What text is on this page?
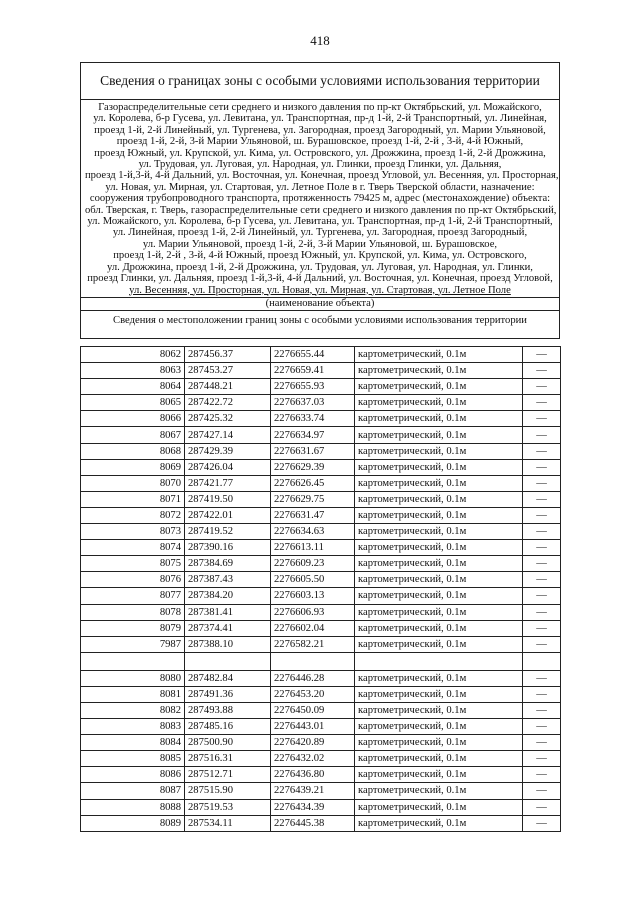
418
Сведения о границах зоны с особыми условиями использования территории
Газораспределительные сети среднего и низкого давления по пр-кт Октябрьский, ул. Можайского,
ул. Королева, б-р Гусева, ул. Левитана, ул. Транспортная, пр-д 1-й, 2-й Транспортный, ул. Линейная,
проезд 1-й, 2-й Линейный, ул. Тургенева, ул. Загородная, проезд Загородный, ул. Марии Ульяновой,
проезд 1-й, 2-й, 3-й Марии Ульяновой, ш. Бурашовское, проезд 1-й, 2-й , 3-й, 4-й Южный,
проезд Южный, ул. Крупской, ул. Кима, ул. Островского, ул. Дрожжина, проезд 1-й, 2-й Дрожжина,
ул. Трудовая, ул. Луговая, ул. Народная, ул. Глинки, проезд Глинки, ул. Дальняя,
проезд 1-й,3-й, 4-й Дальний, ул. Восточная, ул. Конечная, проезд Угловой, ул. Весенняя, ул. Просторная,
ул. Новая, ул. Мирная, ул. Стартовая, ул. Летное Поле в г. Тверь Тверской области, назначение:
сооружения трубопроводного транспорта, протяженность 79425 м, адрес (местонахождение) объекта:
обл. Тверская, г. Тверь, газораспределительные сети среднего и низкого давления по пр-кт Октябрьский,
ул. Можайского, ул. Королева, б-р Гусева, ул. Левитана, ул. Транспортная, пр-д 1-й, 2-й Транспортный,
ул. Линейная, проезд 1-й, 2-й Линейный, ул. Тургенева, ул. Загородная, проезд Загородный,
ул. Марии Ульяновой, проезд 1-й, 2-й, 3-й Марии Ульяновой, ш. Бурашовское,
проезд 1-й, 2-й , 3-й, 4-й Южный, проезд Южный, ул. Крупской, ул. Кима, ул. Островского,
ул. Дрожжина, проезд 1-й, 2-й Дрожжина, ул. Трудовая, ул. Луговая, ул. Народная, ул. Глинки,
проезд Глинки, ул. Дальняя, проезд 1-й,3-й, 4-й Дальний, ул. Восточная, ул. Конечная, проезд Угловой,
ул. Весенняя, ул. Просторная, ул. Новая, ул. Мирная, ул. Стартовая, ул. Летное Поле
(наименование объекта)
Сведения о местоположении границ зоны с особыми условиями использования территории
8062	287456.37	2276655.44	картометрический, 0.1м	—
8063	287453.27	2276659.41	картометрический, 0.1м	—
8064	287448.21	2276655.93	картометрический, 0.1м	—
8065	287422.72	2276637.03	картометрический, 0.1м	—
8066	287425.32	2276633.74	картометрический, 0.1м	—
8067	287427.14	2276634.97	картометрический, 0.1м	—
8068	287429.39	2276631.67	картометрический, 0.1м	—
8069	287426.04	2276629.39	картометрический, 0.1м	—
8070	287421.77	2276626.45	картометрический, 0.1м	—
8071	287419.50	2276629.75	картометрический, 0.1м	—
8072	287422.01	2276631.47	картометрический, 0.1м	—
8073	287419.52	2276634.63	картометрический, 0.1м	—
8074	287390.16	2276613.11	картометрический, 0.1м	—
8075	287384.69	2276609.23	картометрический, 0.1м	—
8076	287387.43	2276605.50	картометрический, 0.1м	—
8077	287384.20	2276603.13	картометрический, 0.1м	—
8078	287381.41	2276606.93	картометрический, 0.1м	—
8079	287374.41	2276602.04	картометрический, 0.1м	—
7987	287388.10	2276582.21	картометрический, 0.1м	—

8080	287482.84	2276446.28	картометрический, 0.1м	—
8081	287491.36	2276453.20	картометрический, 0.1м	—
8082	287493.88	2276450.09	картометрический, 0.1м	—
8083	287485.16	2276443.01	картометрический, 0.1м	—
8084	287500.90	2276420.89	картометрический, 0.1м	—
8085	287516.31	2276432.02	картометрический, 0.1м	—
8086	287512.71	2276436.80	картометрический, 0.1м	—
8087	287515.90	2276439.21	картометрический, 0.1м	—
8088	287519.53	2276434.39	картометрический, 0.1м	—
8089	287534.11	2276445.38	картометрический, 0.1м	—
